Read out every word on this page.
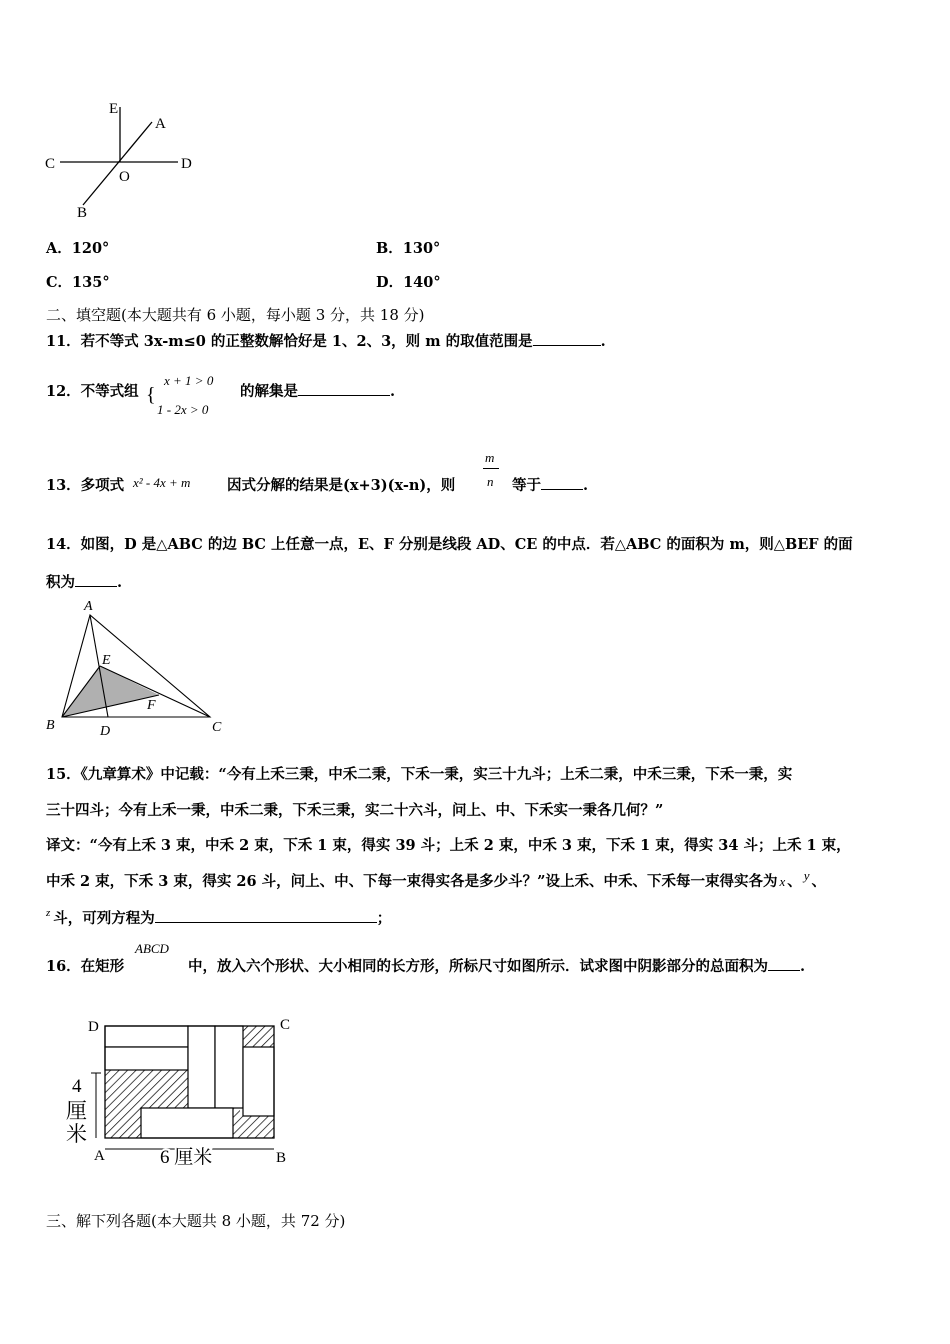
E
A
C
O
D
B
A．120°	B．130°
C．135°	D．140°
二、填空题(本大题共有 6 小题，每小题 3 分，共 18 分)
11．若不等式 3x-m≤0 的正整数解恰好是 1、2、3，则 m 的取值范围是	.
12．不等式组 {
x + 1 > 0
1 - 2x > 0
的解集是	.
13．多项式 x² - 4x + m	因式分解的结果是(x+3)(x-n)，则
m
n 等于	.
14．如图，D 是△ABC 的边 BC 上任意一点，E、F 分别是线段 AD、CE 的中点．若△ABC 的面积为 m，则△BEF 的面
积为	.
A
E
F
B	D	C
15．《九章算术》中记载：“今有上禾三秉，中禾二秉，下禾一秉，实三十九斗；上禾二秉，中禾三秉，下禾一秉，实
三十四斗；今有上禾一秉，中禾二秉，下禾三秉，实二十六斗，问上、中、下禾实一秉各几何？”
译文：“今有上禾 3 束，中禾 2 束，下禾 1 束，得实 39 斗；上禾 2 束，中禾 3 束，下禾 1 束，得实 34 斗；上禾 1 束，
中禾 2 束，下禾 3 束，得实 26 斗，问上、中、下每一束得实各是多少斗？”设上禾、中禾、下禾每一束得实各为 x 、 y 、
$^z$ 斗，可列方程为	；
16．在矩形
ABCD
中，放入六个形状、大小相同的长方形，所标尺寸如图所示．试求图中阴影部分的总面积为 .
D	C
A	B
4
厘
米
6 厘米
三、解下列各题(本大题共 8 小题，共 72 分)
